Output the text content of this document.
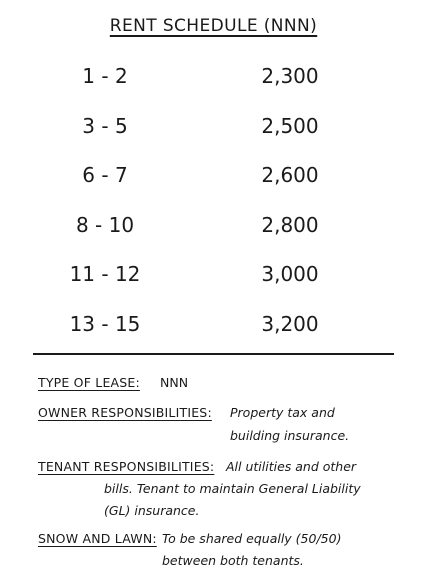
RENT SCHEDULE (NNN)
1 - 2	2,300
3 - 5	2,500
6 - 7	2,600
8 - 10	2,800
11 - 12	3,000
13 - 15	3,200
TYPE OF LEASE: NNN
OWNER RESPONSIBILITIES: Property tax and
building insurance.
TENANT RESPONSIBILITIES: All utilities and other
bills. Tenant to maintain General Liability
(GL) insurance.
SNOW AND LAWN: To be shared equally (50/50)
between both tenants.
